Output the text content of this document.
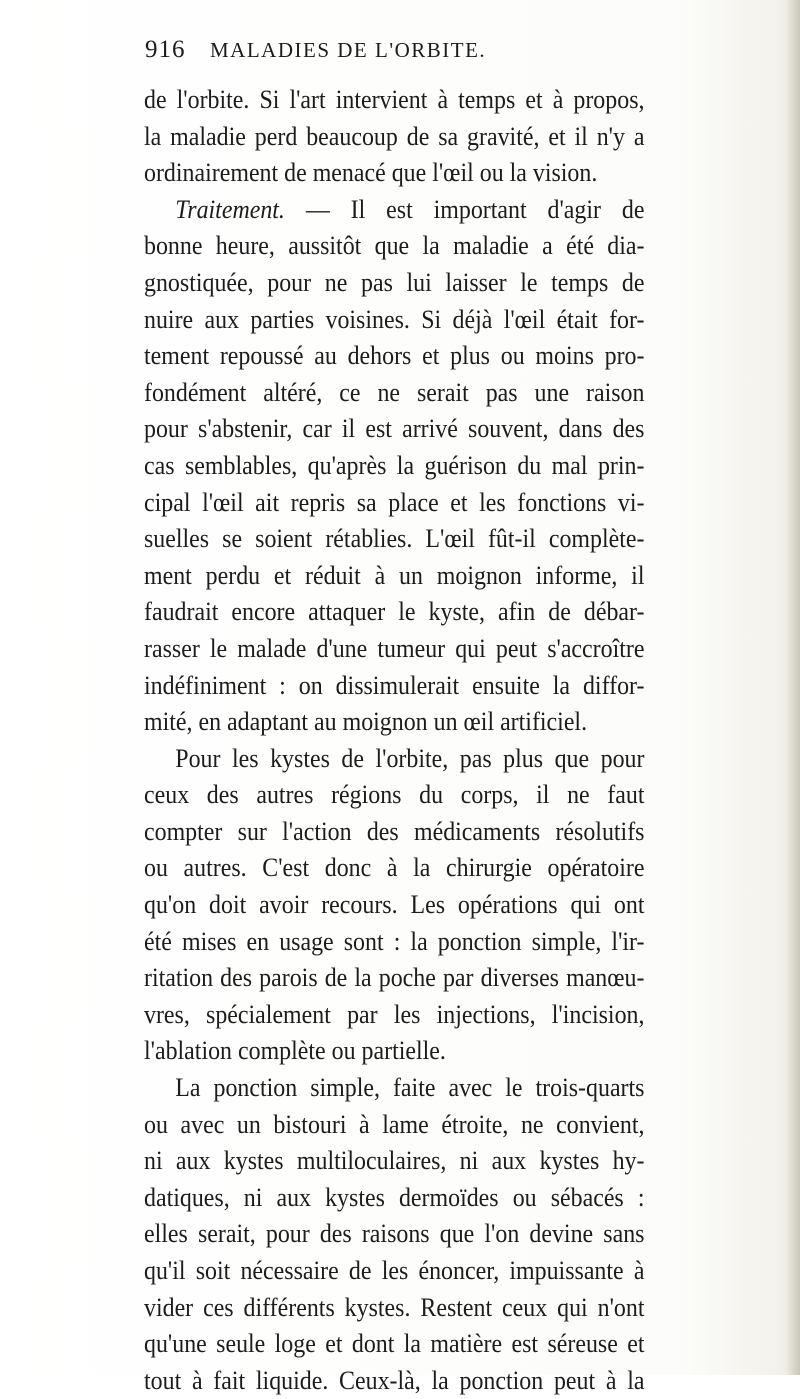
916 MALADIES DE L'ORBITE.
de l'orbite. Si l'art intervient à temps et à propos,
la maladie perd beaucoup de sa gravité, et il n'y a
ordinairement de menacé que l'œil ou la vision.
Traitement. — Il est important d'agir de
bonne heure, aussitôt que la maladie a été dia-
gnostiquée, pour ne pas lui laisser le temps de
nuire aux parties voisines. Si déjà l'œil était for-
tement repoussé au dehors et plus ou moins pro-
fondément altéré, ce ne serait pas une raison
pour s'abstenir, car il est arrivé souvent, dans des
cas semblables, qu'après la guérison du mal prin-
cipal l'œil ait repris sa place et les fonctions vi-
suelles se soient rétablies. L'œil fût-il complète-
ment perdu et réduit à un moignon informe, il
faudrait encore attaquer le kyste, afin de débar-
rasser le malade d'une tumeur qui peut s'accroître
indéfiniment : on dissimulerait ensuite la diffor-
mité, en adaptant au moignon un œil artificiel.
Pour les kystes de l'orbite, pas plus que pour
ceux des autres régions du corps, il ne faut
compter sur l'action des médicaments résolutifs
ou autres. C'est donc à la chirurgie opératoire
qu'on doit avoir recours. Les opérations qui ont
été mises en usage sont : la ponction simple, l'ir-
ritation des parois de la poche par diverses manœu-
vres, spécialement par les injections, l'incision,
l'ablation complète ou partielle.
La ponction simple, faite avec le trois-quarts
ou avec un bistouri à lame étroite, ne convient,
ni aux kystes multiloculaires, ni aux kystes hy-
datiques, ni aux kystes dermoïdes ou sébacés :
elles serait, pour des raisons que l'on devine sans
qu'il soit nécessaire de les énoncer, impuissante à
vider ces différents kystes. Restent ceux qui n'ont
qu'une seule loge et dont la matière est séreuse et
tout à fait liquide. Ceux-là, la ponction peut à la
